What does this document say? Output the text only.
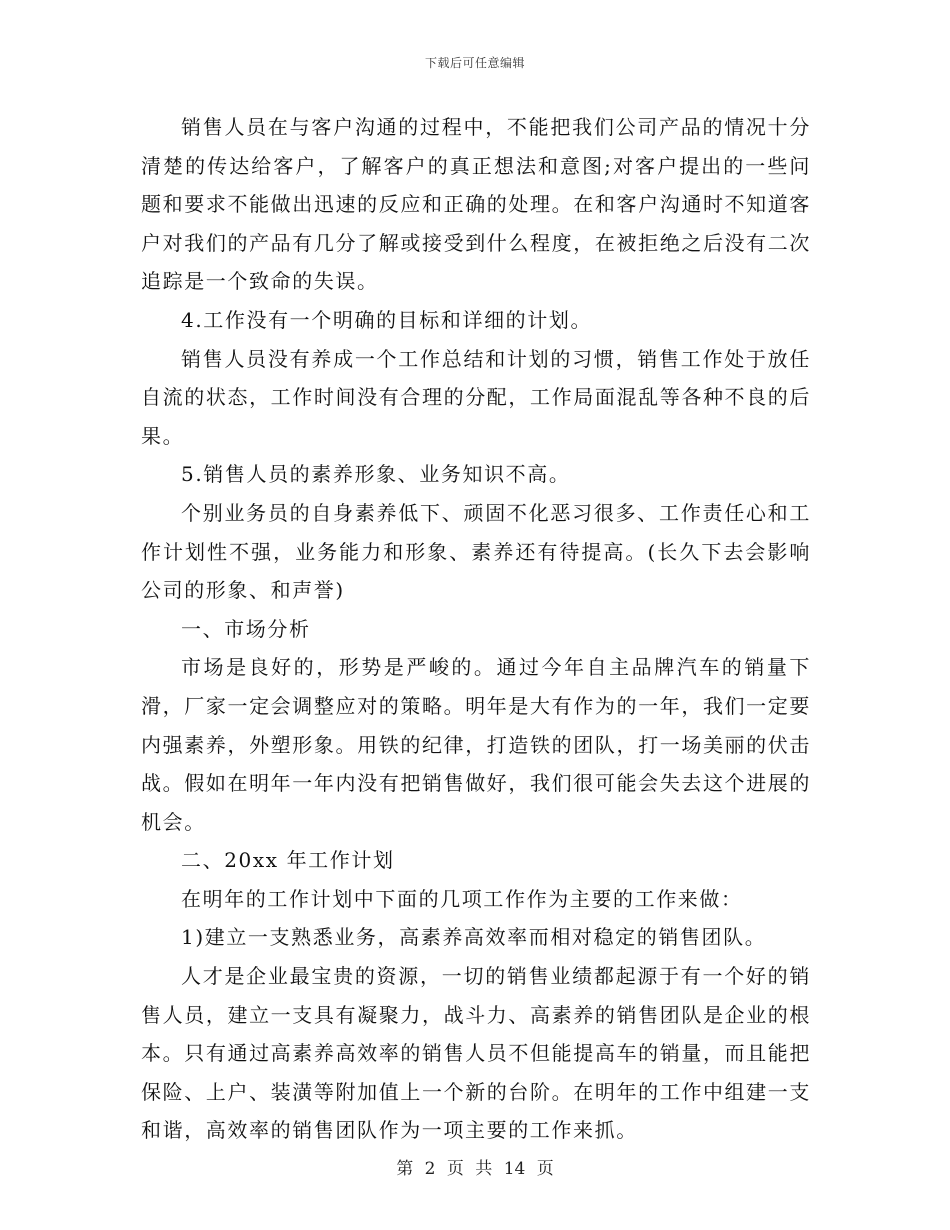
下载后可任意编辑

销售人员在与客户沟通的过程中，不能把我们公司产品的情况十分清楚的传达给客户，了解客户的真正想法和意图;对客户提出的一些问题和要求不能做出迅速的反应和正确的处理。在和客户沟通时不知道客户对我们的产品有几分了解或接受到什么程度，在被拒绝之后没有二次追踪是一个致命的失误。

4.工作没有一个明确的目标和详细的计划。

销售人员没有养成一个工作总结和计划的习惯，销售工作处于放任自流的状态，工作时间没有合理的分配，工作局面混乱等各种不良的后果。

5.销售人员的素养形象、业务知识不高。

个别业务员的自身素养低下、顽固不化恶习很多、工作责任心和工作计划性不强，业务能力和形象、素养还有待提高。(长久下去会影响公司的形象、和声誉)

一、市场分析

市场是良好的，形势是严峻的。通过今年自主品牌汽车的销量下滑，厂家一定会调整应对的策略。明年是大有作为的一年，我们一定要内强素养，外塑形象。用铁的纪律，打造铁的团队，打一场美丽的伏击战。假如在明年一年内没有把销售做好，我们很可能会失去这个进展的机会。

二、20xx 年工作计划

在明年的工作计划中下面的几项工作作为主要的工作来做：

1)建立一支熟悉业务，高素养高效率而相对稳定的销售团队。

人才是企业最宝贵的资源，一切的销售业绩都起源于有一个好的销售人员，建立一支具有凝聚力，战斗力、高素养的销售团队是企业的根本。只有通过高素养高效率的销售人员不但能提高车的销量，而且能把保险、上户、装潢等附加值上一个新的台阶。在明年的工作中组建一支和谐，高效率的销售团队作为一项主要的工作来抓。

第 2 页 共 14 页
